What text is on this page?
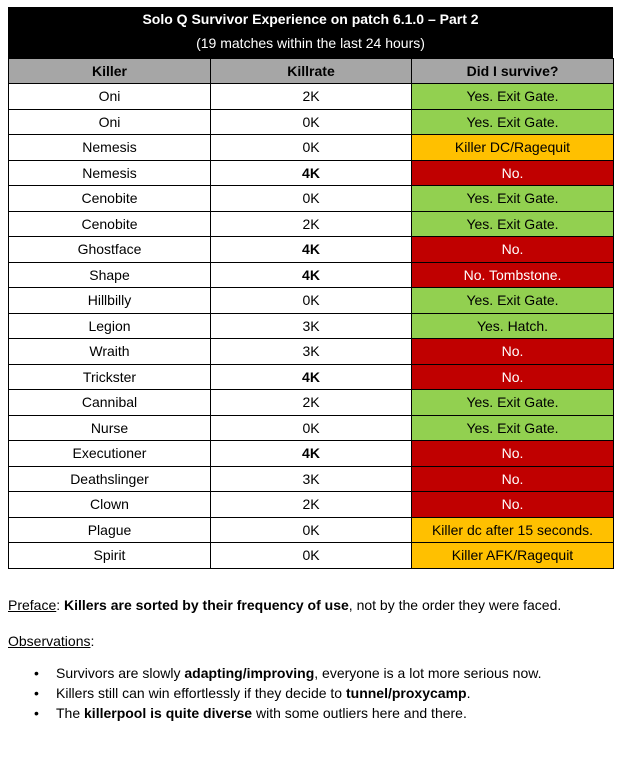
Solo Q Survivor Experience on patch 6.1.0 – Part 2
(19 matches within the last 24 hours)
Killer	Killrate	Did I survive?
Oni	2K	Yes. Exit Gate.
Oni	0K	Yes. Exit Gate.
Nemesis	0K	Killer DC/Ragequit
Nemesis	4K	No.
Cenobite	0K	Yes. Exit Gate.
Cenobite	2K	Yes. Exit Gate.
Ghostface	4K	No.
Shape	4K	No. Tombstone.
Hillbilly	0K	Yes. Exit Gate.
Legion	3K	Yes. Hatch.
Wraith	3K	No.
Trickster	4K	No.
Cannibal	2K	Yes. Exit Gate.
Nurse	0K	Yes. Exit Gate.
Executioner	4K	No.
Deathslinger	3K	No.
Clown	2K	No.
Plague	0K	Killer dc after 15 seconds.
Spirit	0K	Killer AFK/Ragequit

Preface: Killers are sorted by their frequency of use, not by the order they were faced.

Observations:

• Survivors are slowly adapting/improving, everyone is a lot more serious now.
• Killers still can win effortlessly if they decide to tunnel/proxycamp.
• The killerpool is quite diverse with some outliers here and there.
